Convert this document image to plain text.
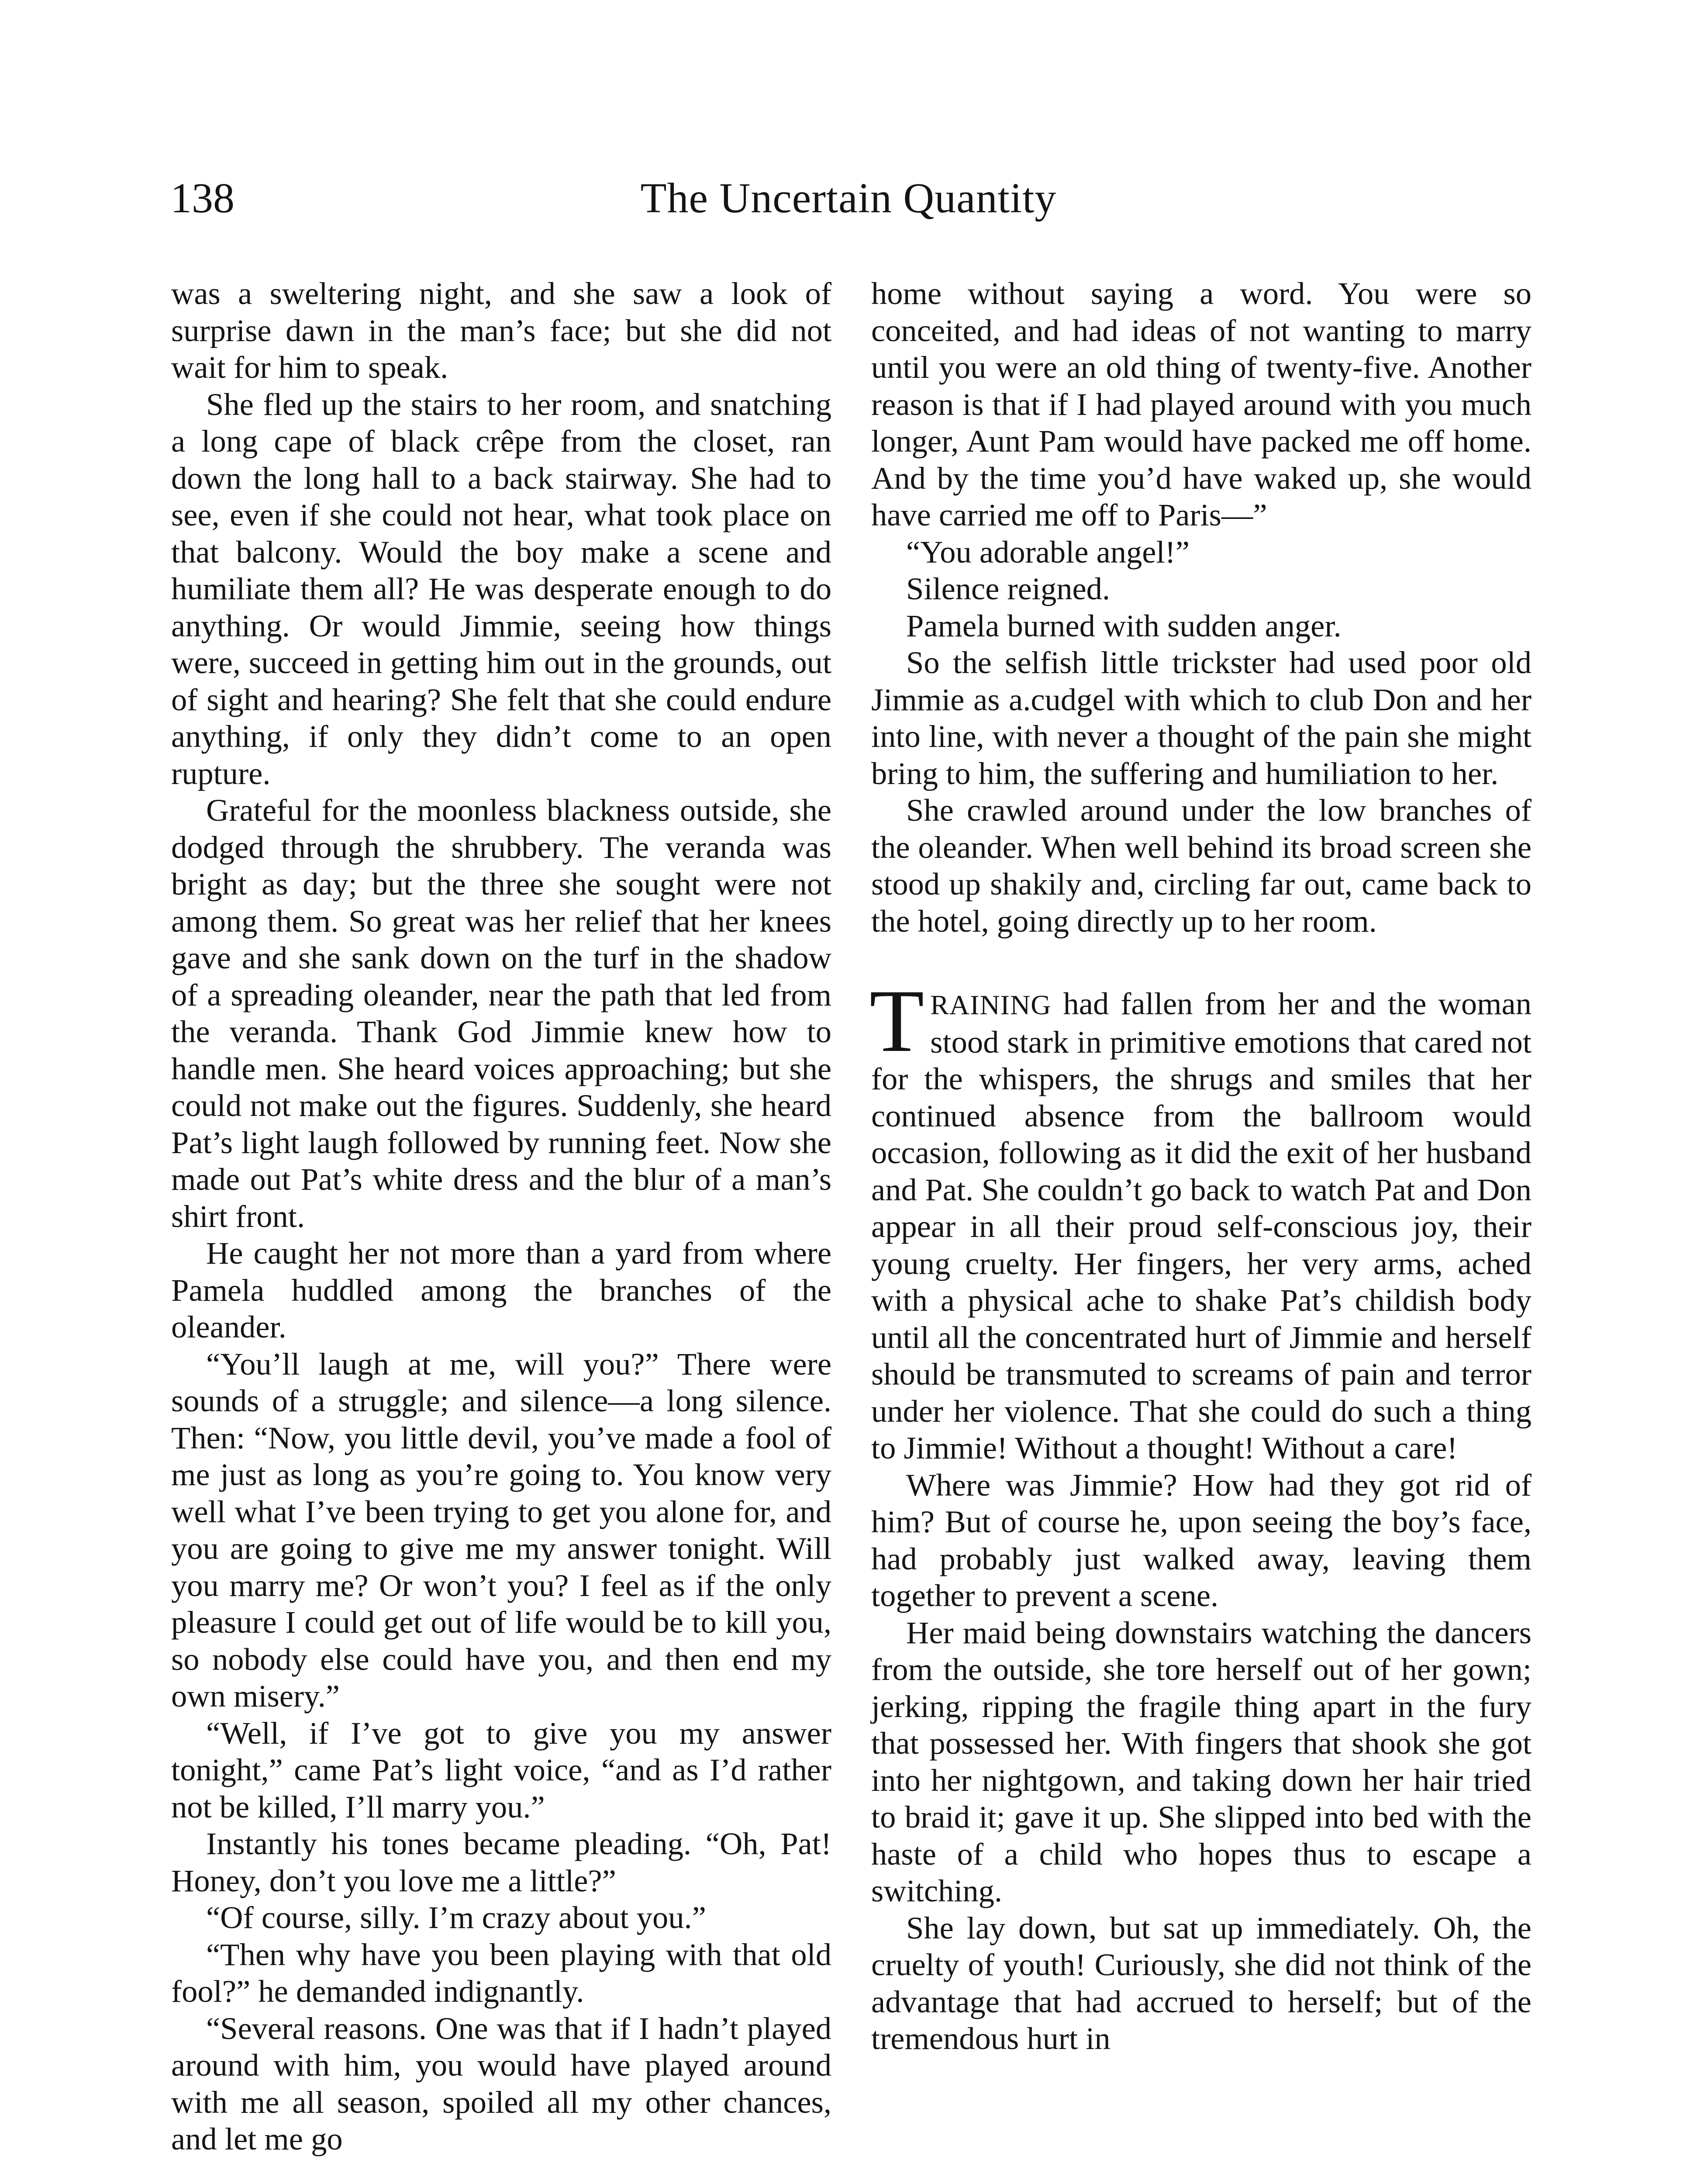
138	The Uncertain Quantity

was a sweltering night, and she saw a look of surprise dawn in the man’s face; but she did not wait for him to speak.

She fled up the stairs to her room, and snatching a long cape of black crêpe from the closet, ran down the long hall to a back stairway. She had to see, even if she could not hear, what took place on that balcony. Would the boy make a scene and humiliate them all? He was desperate enough to do anything. Or would Jimmie, seeing how things were, succeed in getting him out in the grounds, out of sight and hearing? She felt that she could endure anything, if only they didn’t come to an open rupture.

Grateful for the moonless blackness outside, she dodged through the shrubbery. The veranda was bright as day; but the three she sought were not among them. So great was her relief that her knees gave and she sank down on the turf in the shadow of a spreading oleander, near the path that led from the veranda. Thank God Jimmie knew how to handle men. She heard voices approaching; but she could not make out the figures. Suddenly, she heard Pat’s light laugh followed by running feet. Now she made out Pat’s white dress and the blur of a man’s shirt front.

He caught her not more than a yard from where Pamela huddled among the branches of the oleander.

“You’ll laugh at me, will you?” There were sounds of a struggle; and silence—a long silence. Then: “Now, you little devil, you’ve made a fool of me just as long as you’re going to. You know very well what I’ve been trying to get you alone for, and you are going to give me my answer tonight. Will you marry me? Or won’t you? I feel as if the only pleasure I could get out of life would be to kill you, so nobody else could have you, and then end my own misery.”

“Well, if I’ve got to give you my answer tonight,” came Pat’s light voice, “and as I’d rather not be killed, I’ll marry you.”

Instantly his tones became pleading. “Oh, Pat! Honey, don’t you love me a little?”

“Of course, silly. I’m crazy about you.”

“Then why have you been playing with that old fool?” he demanded indignantly.

“Several reasons. One was that if I hadn’t played around with him, you would have played around with me all season, spoiled all my other chances, and let me go

home without saying a word. You were so conceited, and had ideas of not wanting to marry until you were an old thing of twenty-five. Another reason is that if I had played around with you much longer, Aunt Pam would have packed me off home. And by the time you’d have waked up, she would have carried me off to Paris—”

“You adorable angel!”

Silence reigned.

Pamela burned with sudden anger.

So the selfish little trickster had used poor old Jimmie as a.cudgel with which to club Don and her into line, with never a thought of the pain she might bring to him, the suffering and humiliation to her.

She crawled around under the low branches of the oleander. When well behind its broad screen she stood up shakily and, circling far out, came back to the hotel, going directly up to her room.

TRAINING had fallen from her and the woman stood stark in primitive emotions that cared not for the whispers, the shrugs and smiles that her continued absence from the ballroom would occasion, following as it did the exit of her husband and Pat. She couldn’t go back to watch Pat and Don appear in all their proud self-conscious joy, their young cruelty. Her fingers, her very arms, ached with a physical ache to shake Pat’s childish body until all the concentrated hurt of Jimmie and herself should be transmuted to screams of pain and terror under her violence. That she could do such a thing to Jimmie! Without a thought! Without a care!

Where was Jimmie? How had they got rid of him? But of course he, upon seeing the boy’s face, had probably just walked away, leaving them together to prevent a scene.

Her maid being downstairs watching the dancers from the outside, she tore herself out of her gown; jerking, ripping the fragile thing apart in the fury that possessed her. With fingers that shook she got into her nightgown, and taking down her hair tried to braid it; gave it up. She slipped into bed with the haste of a child who hopes thus to escape a switching.

She lay down, but sat up immediately. Oh, the cruelty of youth! Curiously, she did not think of the advantage that had accrued to herself; but of the tremendous hurt in
